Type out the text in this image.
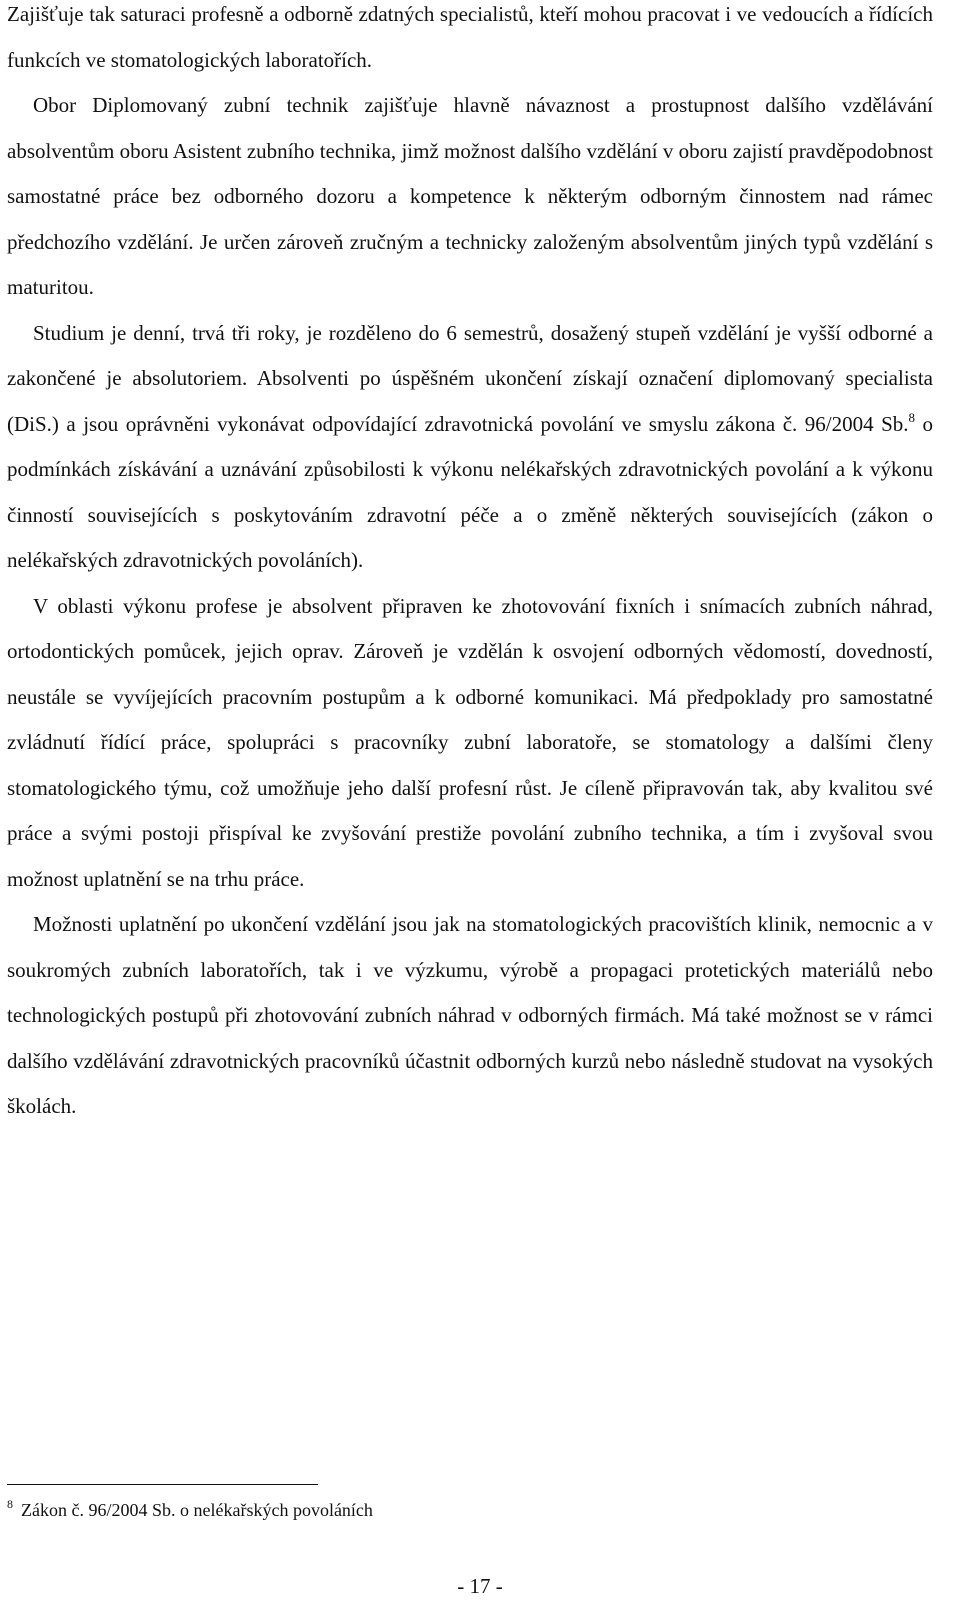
Zajišťuje tak saturaci profesně a odborně zdatných specialistů, kteří mohou pracovat i ve vedoucích a řídících funkcích ve stomatologických laboratořích.

Obor Diplomovaný zubní technik zajišťuje hlavně návaznost a prostupnost dalšího vzdělávání absolventům oboru Asistent zubního technika, jimž možnost dalšího vzdělání v oboru zajistí pravděpodobnost samostatné práce bez odborného dozoru a kompetence k některým odborným činnostem nad rámec předchozího vzdělání. Je určen zároveň zručným a technicky založeným absolventům jiných typů vzdělání s maturitou.

Studium je denní, trvá tři roky, je rozděleno do 6 semestrů, dosažený stupeň vzdělání je vyšší odborné a zakončené je absolutoriem. Absolventi po úspěšném ukončení získají označení diplomovaný specialista (DiS.) a jsou oprávněni vykonávat odpovídající zdravotnická povolání ve smyslu zákona č. 96/2004 Sb.$^8$ o podmínkách získávání a uznávání způsobilosti k výkonu nelékařských zdravotnických povolání a k výkonu činností souvisejících s poskytováním zdravotní péče a o změně některých souvisejících (zákon o nelékařských zdravotnických povoláních).

V oblasti výkonu profese je absolvent připraven ke zhotovování fixních i snímacích zubních náhrad, ortodontických pomůcek, jejich oprav. Zároveň je vzdělán k osvojení odborných vědomostí, dovedností, neustále se vyvíjejících pracovním postupům a k odborné komunikaci. Má předpoklady pro samostatné zvládnutí řídící práce, spolupráci s pracovníky zubní laboratoře, se stomatology a dalšími členy stomatologického týmu, což umožňuje jeho další profesní růst. Je cíleně připravován tak, aby kvalitou své práce a svými postoji přispíval ke zvyšování prestiže povolání zubního technika, a tím i zvyšoval svou možnost uplatnění se na trhu práce.

Možnosti uplatnění po ukončení vzdělání jsou jak na stomatologických pracovištích klinik, nemocnic a v soukromých zubních laboratořích, tak i ve výzkumu, výrobě a propagaci protetických materiálů nebo technologických postupů při zhotovování zubních náhrad v odborných firmách. Má také možnost se v rámci dalšího vzdělávání zdravotnických pracovníků účastnit odborných kurzů nebo následně studovat na vysokých školách.

$^8$ Zákon č. 96/2004 Sb. o nelékařských povoláních
- 17 -
